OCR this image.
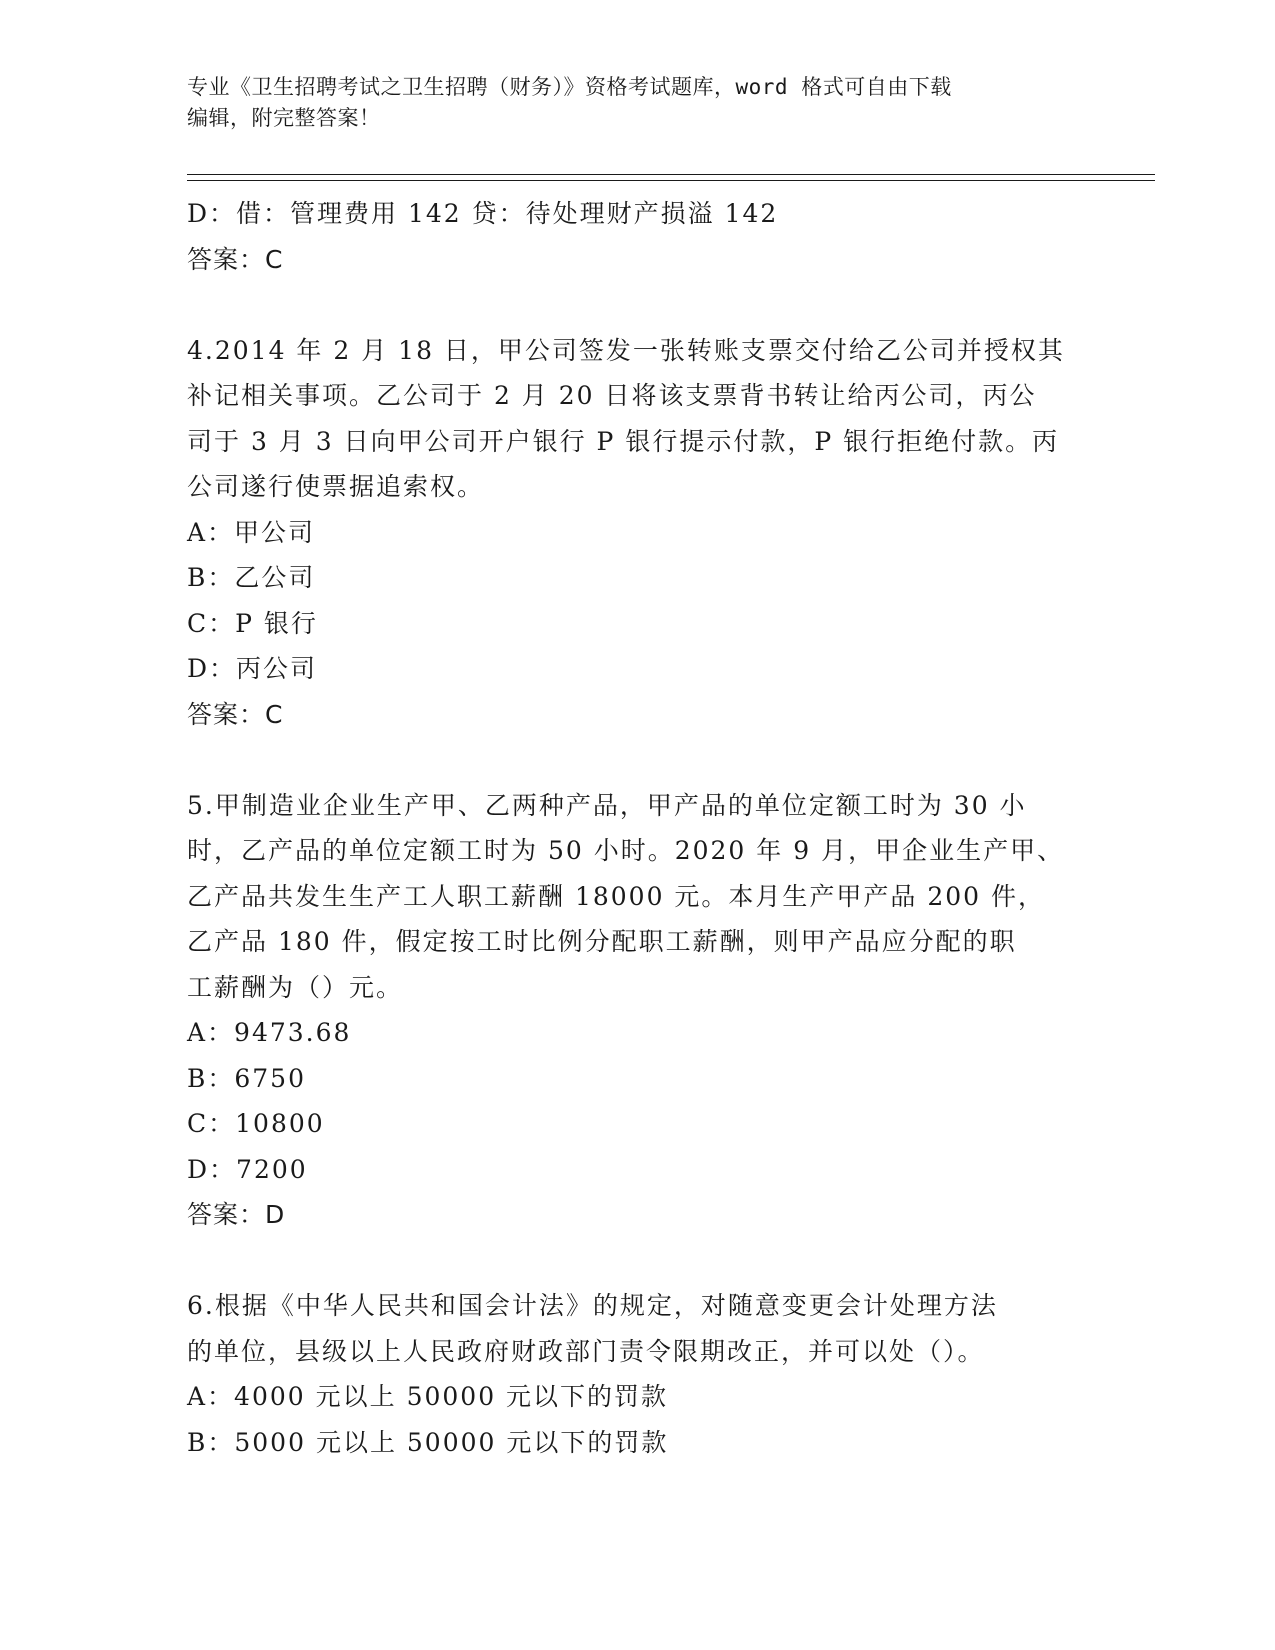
专业《卫生招聘考试之卫生招聘（财务）》资格考试题库，word 格式可自由下载
编辑，附完整答案！
D：借：管理费用 142 贷：待处理财产损溢 142
答案：C
4.2014 年 2 月 18 日，甲公司签发一张转账支票交付给乙公司并授权其
补记相关事项。乙公司于 2 月 20 日将该支票背书转让给丙公司，丙公
司于 3 月 3 日向甲公司开户银行 P 银行提示付款，P 银行拒绝付款。丙
公司遂行使票据追索权。
A：甲公司
B：乙公司
C：P 银行
D：丙公司
答案：C
5.甲制造业企业生产甲、乙两种产品，甲产品的单位定额工时为 30 小
时，乙产品的单位定额工时为 50 小时。2020 年 9 月，甲企业生产甲、
乙产品共发生生产工人职工薪酬 18000 元。本月生产甲产品 200 件，
乙产品 180 件，假定按工时比例分配职工薪酬，则甲产品应分配的职
工薪酬为（）元。
A：9473.68
B：6750
C：10800
D：7200
答案：D
6.根据《中华人民共和国会计法》的规定，对随意变更会计处理方法
的单位，县级以上人民政府财政部门责令限期改正，并可以处（）。
A：4000 元以上 50000 元以下的罚款
B：5000 元以上 50000 元以下的罚款
